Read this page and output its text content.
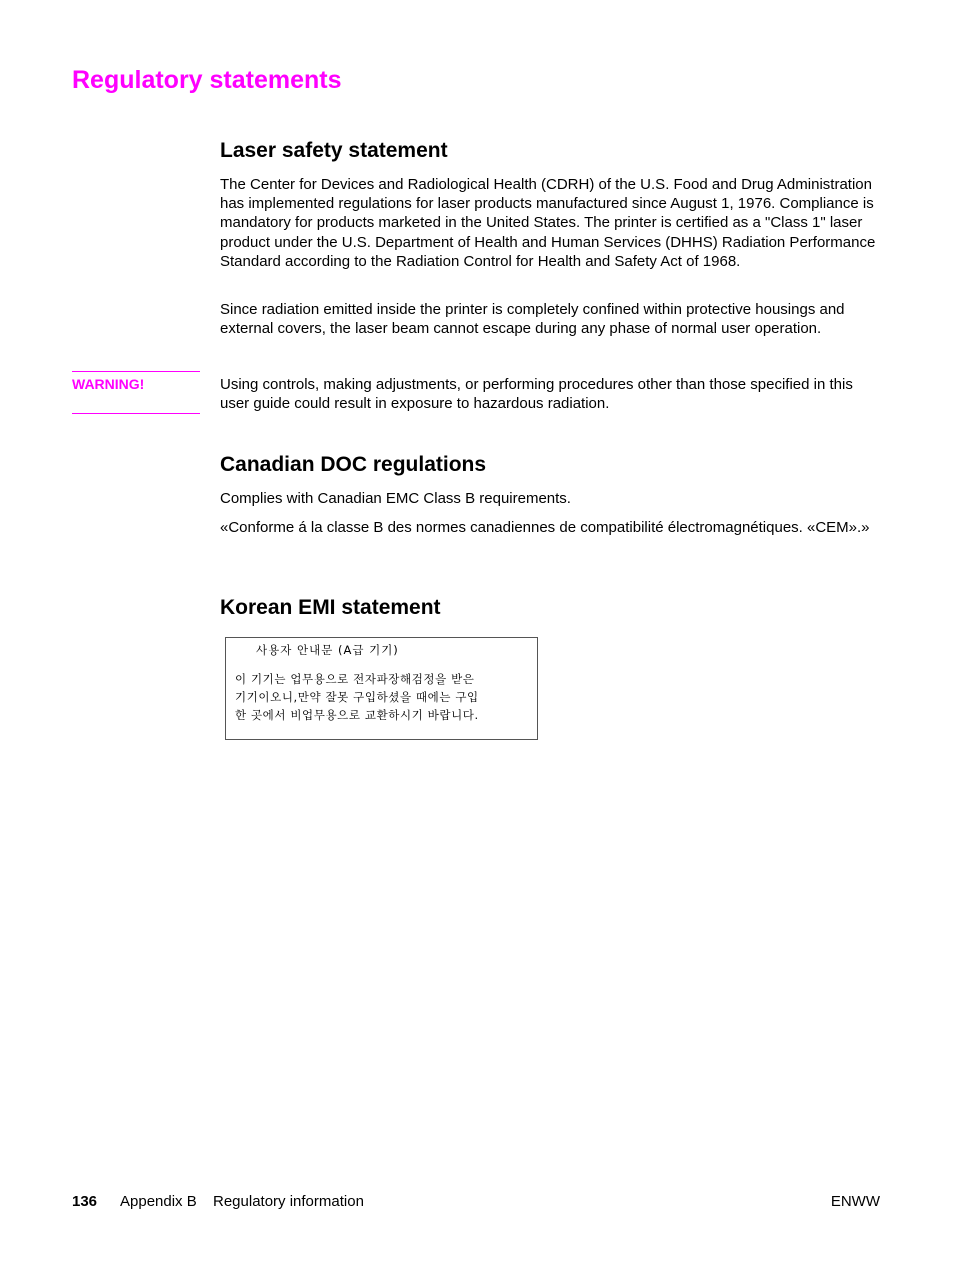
Regulatory statements
Laser safety statement

The Center for Devices and Radiological Health (CDRH) of the U.S. Food and Drug Administration has implemented regulations for laser products manufactured since August 1, 1976. Compliance is mandatory for products marketed in the United States. The printer is certified as a "Class 1" laser product under the U.S. Department of Health and Human Services (DHHS) Radiation Performance Standard according to the Radiation Control for Health and Safety Act of 1968.

Since radiation emitted inside the printer is completely confined within protective housings and external covers, the laser beam cannot escape during any phase of normal user operation.

WARNING!	Using controls, making adjustments, or performing procedures other than those specified in this user guide could result in exposure to hazardous radiation.

Canadian DOC regulations

Complies with Canadian EMC Class B requirements.

«Conforme á la classe B des normes canadiennes de compatibilité électromagnétiques. «CEM».»

Korean EMI statement
사용자 안내문 (A급 기기)
이 기기는 업무용으로 전자파장해검정을 받은
기기이오니,만약 잘못 구입하셨을 때에는 구입
한 곳에서 비업무용으로 교환하시기 바랍니다.
136 Appendix B Regulatory information	ENWW
